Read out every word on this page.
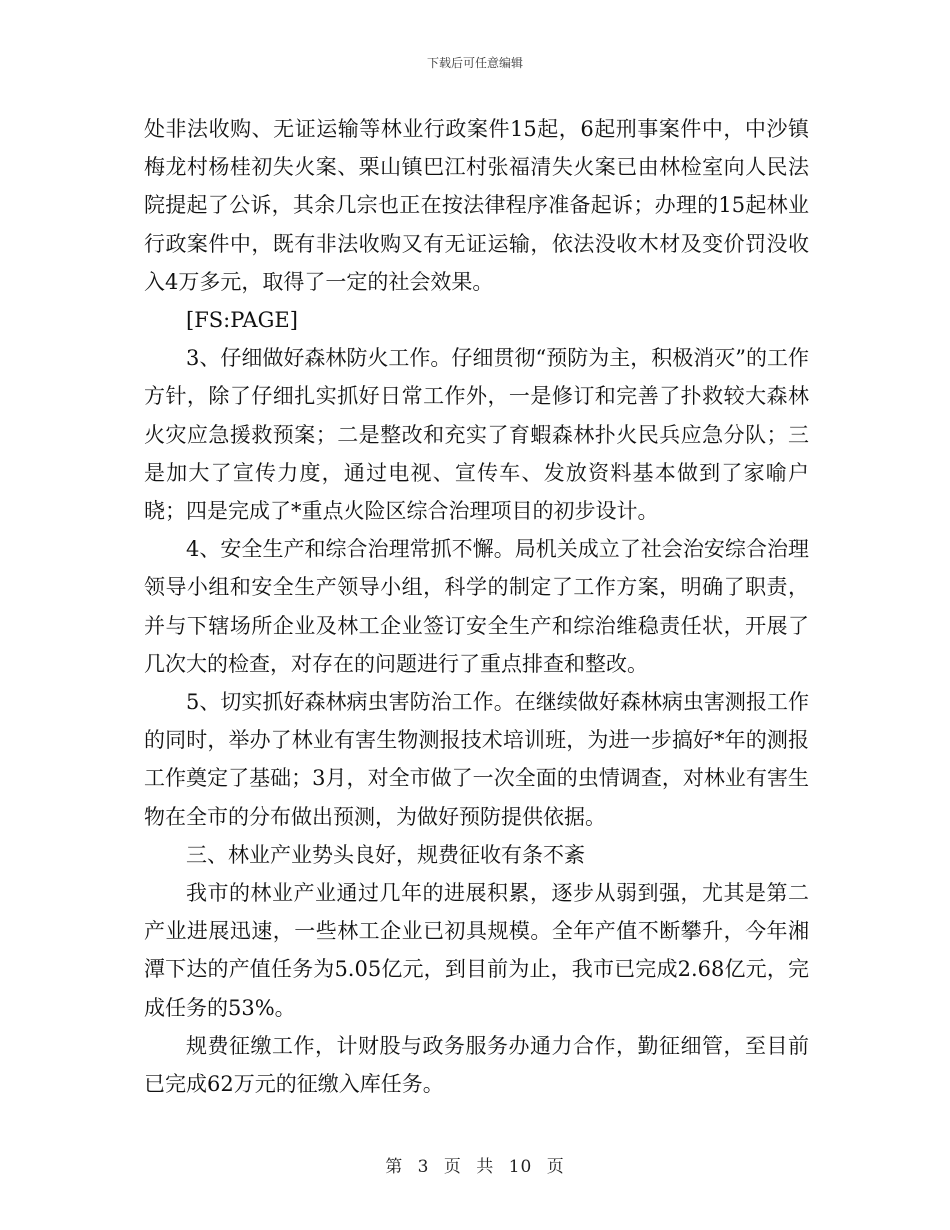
下载后可任意编辑

处非法收购、无证运输等林业行政案件15起，6起刑事案件中，中沙镇梅龙村杨桂初失火案、栗山镇巴江村张福清失火案已由林检室向人民法院提起了公诉，其余几宗也正在按法律程序准备起诉；办理的15起林业行政案件中，既有非法收购又有无证运输，依法没收木材及变价罚没收入4万多元，取得了一定的社会效果。

[FS:PAGE]

3、仔细做好森林防火工作。仔细贯彻“预防为主，积极消灭”的工作方针，除了仔细扎实抓好日常工作外，一是修订和完善了扑救较大森林火灾应急援救预案；二是整改和充实了育蝦森林扑火民兵应急分队；三是加大了宣传力度，通过电视、宣传车、发放资料基本做到了家喻户晓；四是完成了*重点火险区综合治理项目的初步设计。

4、安全生产和综合治理常抓不懈。局机关成立了社会治安综合治理领导小组和安全生产领导小组，科学的制定了工作方案，明确了职责，并与下辖场所企业及林工企业签订安全生产和综治维稳责任状，开展了几次大的检查，对存在的问题进行了重点排查和整改。

5、切实抓好森林病虫害防治工作。在继续做好森林病虫害测报工作的同时，举办了林业有害生物测报技术培训班，为进一步搞好*年的测报工作奠定了基础；3月，对全市做了一次全面的虫情调查，对林业有害生物在全市的分布做出预测，为做好预防提供依据。

三、林业产业势头良好，规费征收有条不紊

我市的林业产业通过几年的进展积累，逐步从弱到强，尤其是第二产业进展迅速，一些林工企业已初具规模。全年产值不断攀升，今年湘潭下达的产值任务为5.05亿元，到目前为止，我市已完成2.68亿元，完成任务的53%。

规费征缴工作，计财股与政务服务办通力合作，勤征细管，至目前已完成62万元的征缴入库任务。

第 3 页 共 10 页
